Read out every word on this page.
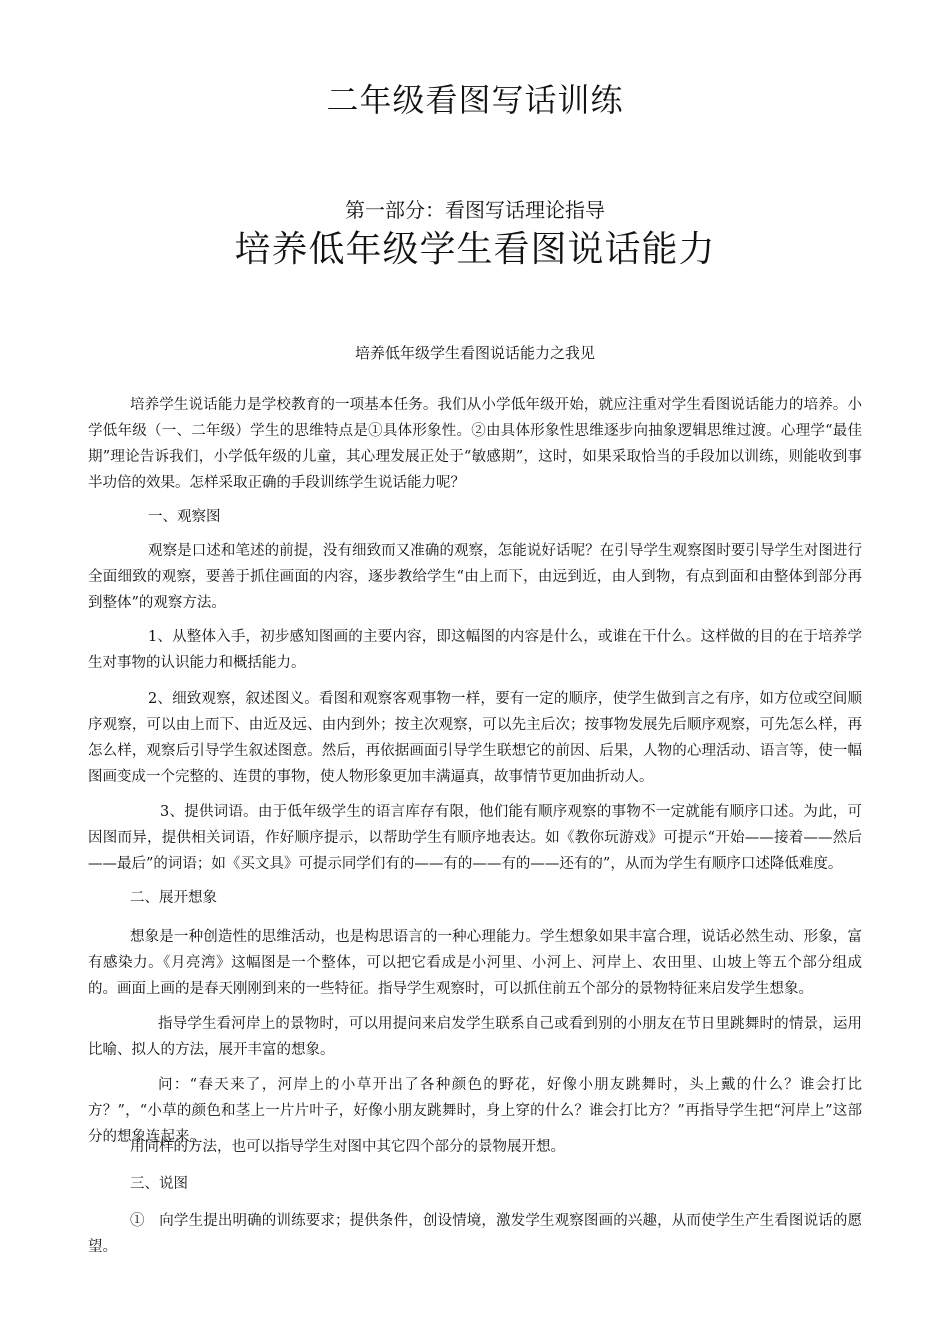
二年级看图写话训练
第一部分：看图写话理论指导
培养低年级学生看图说话能力
培养低年级学生看图说话能力之我见

培养学生说话能力是学校教育的一项基本任务。我们从小学低年级开始，就应注重对学生看图说话能力的培养。小学低年级（一、二年级）学生的思维特点是①具体形象性。②由具体形象性思维逐步向抽象逻辑思维过渡。心理学“最佳期”理论告诉我们，小学低年级的儿童，其心理发展正处于“敏感期”，这时，如果采取恰当的手段加以训练，则能收到事半功倍的效果。怎样采取正确的手段训练学生说话能力呢？

一、观察图

观察是口述和笔述的前提，没有细致而又准确的观察，怎能说好话呢？在引导学生观察图时要引导学生对图进行全面细致的观察，要善于抓住画面的内容，逐步教给学生“由上而下，由远到近，由人到物，有点到面和由整体到部分再到整体”的观察方法。

1、从整体入手，初步感知图画的主要内容，即这幅图的内容是什么，或谁在干什么。这样做的目的在于培养学生对事物的认识能力和概括能力。

2、细致观察，叙述图义。看图和观察客观事物一样，要有一定的顺序，使学生做到言之有序，如方位或空间顺序观察，可以由上而下、由近及远、由内到外；按主次观察，可以先主后次；按事物发展先后顺序观察，可先怎么样，再怎么样，观察后引导学生叙述图意。然后，再依据画面引导学生联想它的前因、后果，人物的心理活动、语言等，使一幅图画变成一个完整的、连贯的事物，使人物形象更加丰满逼真，故事情节更加曲折动人。

3、提供词语。由于低年级学生的语言库存有限，他们能有顺序观察的事物不一定就能有顺序口述。为此，可因图而异，提供相关词语，作好顺序提示，以帮助学生有顺序地表达。如《教你玩游戏》可提示“开始——接着——然后——最后”的词语；如《买文具》可提示同学们有的——有的——有的——还有的”，从而为学生有顺序口述降低难度。

二、展开想象

想象是一种创造性的思维活动，也是构思语言的一种心理能力。学生想象如果丰富合理，说话必然生动、形象，富有感染力。《月亮湾》这幅图是一个整体，可以把它看成是小河里、小河上、河岸上、农田里、山坡上等五个部分组成的。画面上画的是春天刚刚到来的一些特征。指导学生观察时，可以抓住前五个部分的景物特征来启发学生想象。

指导学生看河岸上的景物时，可以用提问来启发学生联系自己或看到别的小朋友在节日里跳舞时的情景，运用比喻、拟人的方法，展开丰富的想象。

问：“春天来了，河岸上的小草开出了各种颜色的野花，好像小朋友跳舞时，头上戴的什么？谁会打比方？”，“小草的颜色和茎上一片片叶子，好像小朋友跳舞时，身上穿的什么？谁会打比方？”再指导学生把“河岸上”这部分的想象连起来。

用同样的方法，也可以指导学生对图中其它四个部分的景物展开想。

三、说图

①　向学生提出明确的训练要求；提供条件，创设情境，激发学生观察图画的兴趣，从而使学生产生看图说话的愿望。
